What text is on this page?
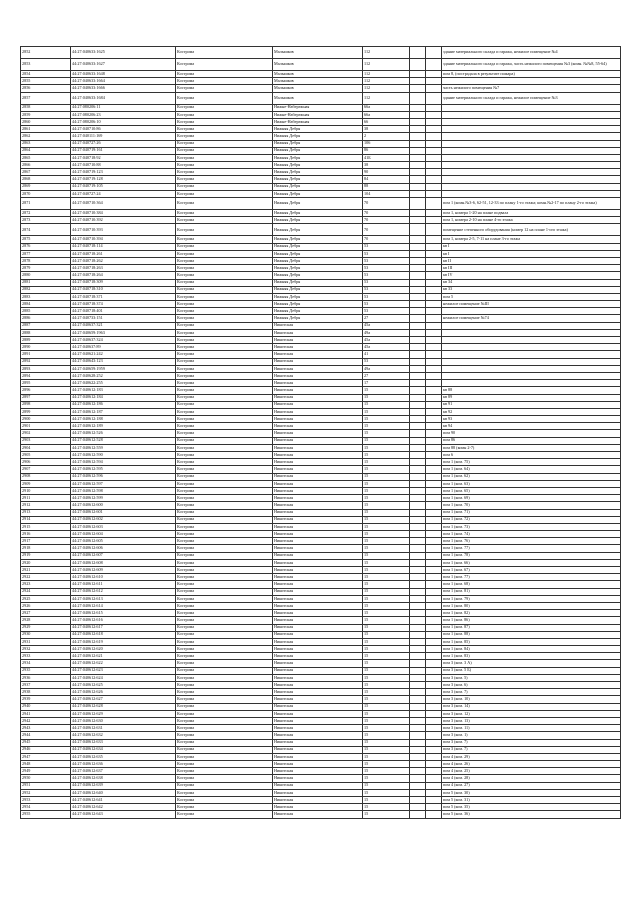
2852	44:27:040633:1625	Кострома	Малышков	112			здание материального склада и гаража, нежилое помещение №4
2853	44:27:040633:1627	Кострома	Малышков	112			здание материального склада и гаража, часть нежилого помещения №3 (комн. №№8, 55-64)
2854	44:27:040633:1648	Кострома	Малышков	112			пом 8, (пострадала в результате пожара)
2855	44:27:040633:1664	Кострома	Малышков	112			
2856	44:27:040633:1666	Кострома	Малышков	112			часть нежилого помещения №7
2857	44:27:040633:1684	Кострома	Малышков	112			здание материального склада и гаража, нежилое помещение №3
2858	44:27:080206:11	Кострома	Нижне-Набережная	66а			
2859	44:27:080206:23	Кострома	Нижне-Набережная	66а			
2860	44:27:080206:10	Кострома	Нижне-Набережная	66			
2861	44:27:040710:86	Кострома	Нижняя Дебря	38			
2862	44:27:040111:169	Кострома	Нижняя Дебря	2			
2863	44:27:040727:26	Кострома	Нижняя Дебря	106			
2864	44:27:040719:161	Кострома	Нижняя Дебря	86			
2865	44:27:040718:92	Кострома	Нижняя Дебря	41Б			
2866	44:27:040710:88	Кострома	Нижняя Дебря	38			
2867	44:27:040719:123	Кострома	Нижняя Дебря	90			
2868	44:27:040719:128	Кострома	Нижняя Дебря	84			
2869	44:27:040719:105	Кострома	Нижняя Дебря	88			
2870	44:27:040727:24	Кострома	Нижняя Дебря	104			
2871	44:27:040710:364	Кострома	Нижняя Дебря	70			пом 1 (комн.№3-6, 62-51, 12-33 по плану 1-го этажа; комн.№2-17 по плану 2-го этажа)
2872	44:27:040710:384	Кострома	Нижняя Дебря	70			пом 1, номера 1-20 на плане подвала
2873	44:27:040710:392	Кострома	Нижняя Дебря	70			пом 1, номера 2-10 на плане 4-го этажа
2874	44:27:040710:393	Кострома	Нижняя Дебря	70			помещение степенного оборудования (номер 12 на плане 1-ого этажа)
2875	44:27:040710:394	Кострома	Нижняя Дебря	70			пом 1, номера 2-5, 7-11 на плане 3-го этажа
2876	44:27:040718:114	Кострома	Нижняя Дебря	53			кв I
2877	44:27:040718:261	Кострома	Нижняя Дебря	53			кв I
2878	44:27:040718:262	Кострома	Нижняя Дебря	53			кв II
2879	44:27:040718:263	Кострома	Нижняя Дебря	53			кв III
2880	44:27:040718:264	Кострома	Нижняя Дебря	53			кв IV
2881	44:27:040718:309	Кострома	Нижняя Дебря	53			кв 34
2882	44:27:040718:310	Кострома	Нижняя Дебря	53			кв 33
2883	44:27:040718:371	Кострома	Нижняя Дебря	53			пом 5
2884	44:27:040718:374	Кострома	Нижняя Дебря	53			нежилое помещение №III
2885	44:27:040718:401	Кострома	Нижняя Дебря	53			
2886	44:27:040733:151	Кострома	Нижняя Дебря	27			нежилое помещение №74
2887	44:27:040637:321	Кострома	Никитская	45а			
2888	44:27:040659:1963	Кострома	Никитская	49а			
2889	44:27:040637:324	Кострома	Никитская	45а			
2890	44:27:040637:89	Кострома	Никитская	45а			
2891	44:27:040621:242	Кострома	Никитская	41			
2892	44:27:040643:123	Кострома	Никитская	53			
2893	44:27:040659:1959	Кострома	Никитская	49а			
2894	44:27:040628:252	Кострома	Никитская	27			
2895	44:27:040622:255	Кострома	Никитская	17			
2896	44:27:040612:183	Кострома	Никитская	15			кв 88
2897	44:27:040612:184	Кострома	Никитская	15			кв 89
2898	44:27:040612:186	Кострома	Никитская	15			кв 91
2899	44:27:040612:187	Кострома	Никитская	15			кв 92
2900	44:27:040612:188	Кострома	Никитская	15			кв 93
2901	44:27:040612:189	Кострома	Никитская	15			кв 94
2902	44:27:040612:526	Кострома	Никитская	15			пом 90
2903	44:27:040612:528	Кострома	Никитская	15			пом 86
2904	44:27:040612:559	Кострома	Никитская	15			пом 88 (комн 2-7)
2905	44:27:040612:590	Кострома	Никитская	15			пом 6
2906	44:27:040612:594	Кострома	Никитская	15			пом 1 (ком. 75)
2907	44:27:040612:595	Кострома	Никитская	15			пом 1 (ком. 64)
2908	44:27:040612:596	Кострома	Никитская	15			пом 1 (ком. 62)
2909	44:27:040612:597	Кострома	Никитская	15			пом 1 (ком. 63)
2910	44:27:040612:598	Кострома	Никитская	15			пом 1 (ком. 65)
2911	44:27:040612:599	Кострома	Никитская	15			пом 1 (ком. 69)
2912	44:27:040612:600	Кострома	Никитская	15			пом 1 (ком. 70)
2913	44:27:040612:601	Кострома	Никитская	15			пом 1 (ком. 71)
2914	44:27:040612:602	Кострома	Никитская	15			пом 1 (ком. 72)
2915	44:27:040612:603	Кострома	Никитская	15			пом 1 (ком. 73)
2916	44:27:040612:604	Кострома	Никитская	15			пом 1 (ком. 74)
2917	44:27:040612:605	Кострома	Никитская	15			пом 1 (ком. 76)
2918	44:27:040612:606	Кострома	Никитская	15			пом 1 (ком. 77)
2919	44:27:040612:607	Кострома	Никитская	15			пом 1 (ком. 78)
2920	44:27:040612:608	Кострома	Никитская	15			пом 1 (ком. 66)
2921	44:27:040612:609	Кострома	Никитская	15			пом 1 (ком. 67)
2922	44:27:040612:610	Кострома	Никитская	15			пом 1 (ком. 77)
2923	44:27:040612:611	Кострома	Никитская	15			пом 1 (ком. 68)
2924	44:27:040612:612	Кострома	Никитская	15			пом 1 (ком. 81)
2925	44:27:040612:613	Кострома	Никитская	15			пом 1 (ком. 79)
2926	44:27:040612:614	Кострома	Никитская	15			пом 1 (ком. 80)
2927	44:27:040612:615	Кострома	Никитская	15			пом 1 (ком. 82)
2928	44:27:040612:616	Кострома	Никитская	15			пом 1 (ком. 86)
2929	44:27:040612:617	Кострома	Никитская	15			пом 1 (ком. 87)
2930	44:27:040612:618	Кострома	Никитская	15			пом 1 (ком. 88)
2931	44:27:040612:619	Кострома	Никитская	15			пом 1 (ком. 85)
2932	44:27:040612:620	Кострома	Никитская	15			пом 1 (ком. 84)
2933	44:27:040612:621	Кострома	Никитская	15			пом 1 (ком. 83)
2934	44:27:040612:622	Кострома	Никитская	15			пом 3 (ком. 3 А)
2935	44:27:040612:623	Кострома	Никитская	15			пом 3 (ком. 5 Б)
2936	44:27:040612:624	Кострома	Никитская	15			пом 3 (ком. 5)
2937	44:27:040612:625	Кострома	Никитская	15			пом 3 (ком. 6)
2938	44:27:040612:626	Кострома	Никитская	15			пом 3 (ком. 7)
2939	44:27:040612:627	Кострома	Никитская	15			пом 3 (ком. 10)
2940	44:27:040612:628	Кострома	Никитская	15			пом 3 (ком. 14)
2941	44:27:040612:629	Кострома	Никитская	15			пом 3 (ком. 12)
2942	44:27:040612:630	Кострома	Никитская	15			пом 3 (ком. 13)
2943	44:27:040612:631	Кострома	Никитская	15			пом 3 (ком. 11)
2944	44:27:040612:632	Кострома	Никитская	15			пом 3 (ком. 1)
2945	44:27:040612:633	Кострома	Никитская	15			пом 3 (ком. 7)
2946	44:27:040612:634	Кострома	Никитская	15			пом 3 (ком. 7)
2947	44:27:040612:635	Кострома	Никитская	15			пом 4 (ком. 29)
2948	44:27:040612:636	Кострома	Никитская	15			пом 4 (ком. 26)
2949	44:27:040612:637	Кострома	Никитская	15			пом 4 (ком. 25)
2950	44:27:040612:638	Кострома	Никитская	15			пом 4 (ком. 28)
2951	44:27:040612:639	Кострома	Никитская	15			пом 4 (ком. 27)
2952	44:27:040612:640	Кострома	Никитская	15			пом 5 (ком. 30)
2953	44:27:040612:641	Кострома	Никитская	15			пом 5 (ком. 31)
2954	44:27:040612:642	Кострома	Никитская	15			пом 5 (ком. 35)
2955	44:27:040612:643	Кострома	Никитская	15			пом 5 (ком. 36)
